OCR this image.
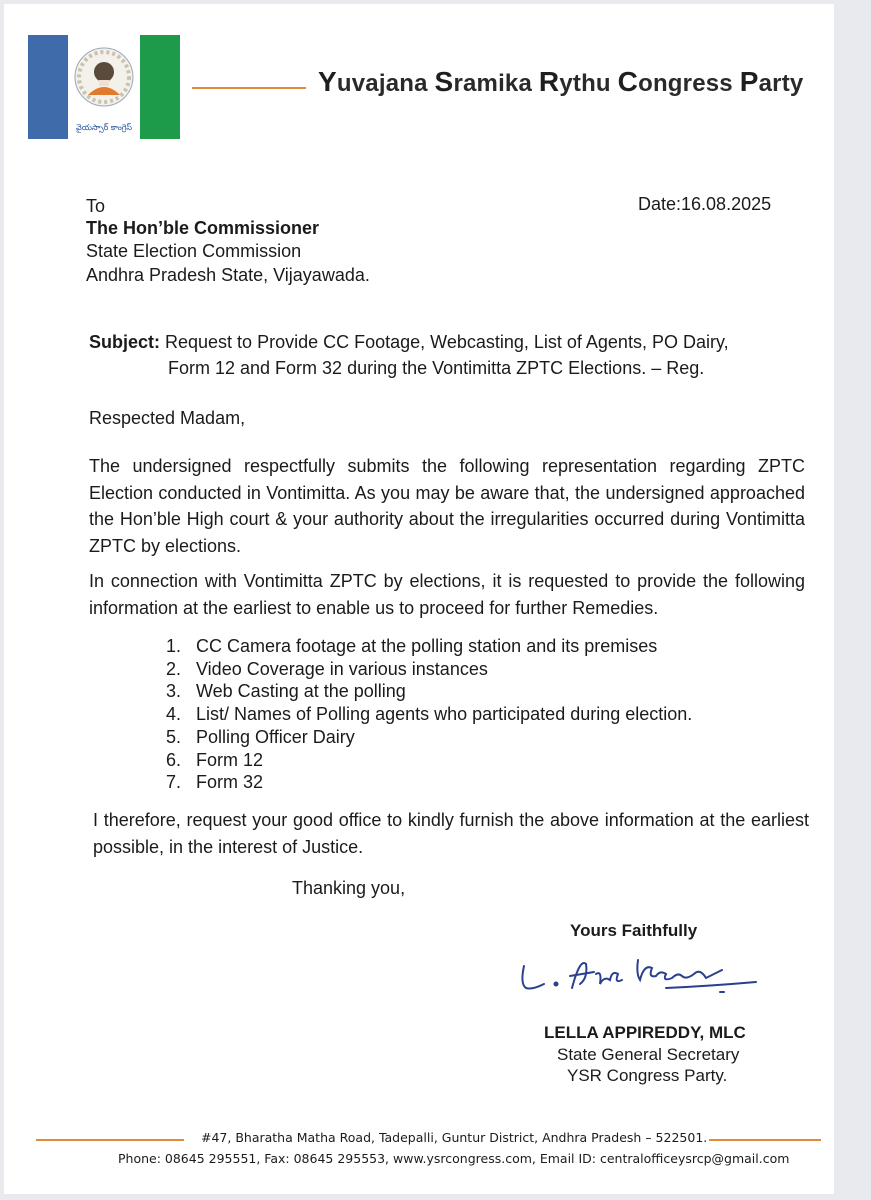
వైయస్సార్ కాంగ్రెస్
Yuvajana Sramika Rythu Congress Party
To
The Hon’ble Commissioner
State Election Commission
Andhra Pradesh State, Vijayawada.
Date:16.08.2025
Subject: Request to Provide CC Footage, Webcasting, List of Agents, PO Dairy,
Form 12 and Form 32 during the Vontimitta ZPTC Elections. – Reg.
Respected Madam,
The undersigned respectfully submits the following representation regarding ZPTC Election conducted in Vontimitta. As you may be aware that, the undersigned approached the Hon’ble High court & your authority about the irregularities occurred during Vontimitta ZPTC by elections.
In connection with Vontimitta ZPTC by elections, it is requested to provide the following information at the earliest to enable us to proceed for further Remedies.
1. CC Camera footage at the polling station and its premises
2. Video Coverage in various instances
3. Web Casting at the polling
4. List/ Names of Polling agents who participated during election.
5. Polling Officer Dairy
6. Form 12
7. Form 32
I therefore, request your good office to kindly furnish the above information at the earliest possible, in the interest of Justice.
Thanking you,
Yours Faithfully
LELLA APPIREDDY, MLC
State General Secretary
YSR Congress Party.
#47, Bharatha Matha Road, Tadepalli, Guntur District, Andhra Pradesh – 522501.
Phone: 08645 295551, Fax: 08645 295553, www.ysrcongress.com, Email ID: centralofficeysrcp@gmail.com
